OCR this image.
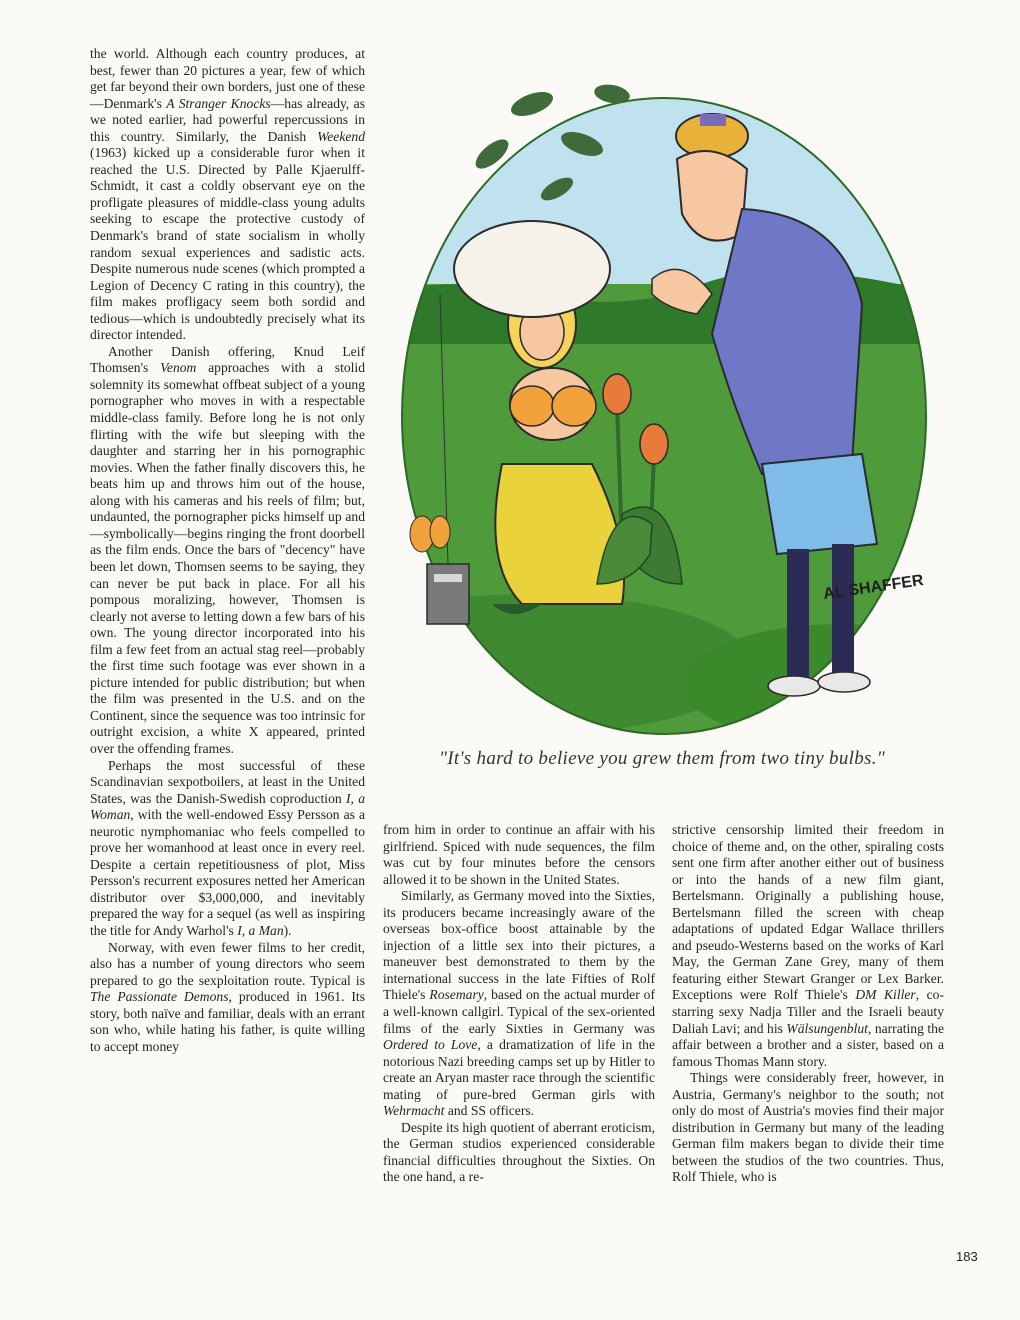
the world. Although each country produces, at best, fewer than 20 pictures a year, few of which get far beyond their own borders, just one of these—Denmark's A Stranger Knocks—has already, as we noted earlier, had powerful repercussions in this country. Similarly, the Danish Weekend (1963) kicked up a considerable furor when it reached the U.S. Directed by Palle Kjaerulff-Schmidt, it cast a coldly observant eye on the profligate pleasures of middle-class young adults seeking to escape the protective custody of Denmark's brand of state socialism in wholly random sexual experiences and sadistic acts. Despite numerous nude scenes (which prompted a Legion of Decency C rating in this country), the film makes profligacy seem both sordid and tedious—which is undoubtedly precisely what its director intended.

Another Danish offering, Knud Leif Thomsen's Venom approaches with a stolid solemnity its somewhat offbeat subject of a young pornographer who moves in with a respectable middle-class family. Before long he is not only flirting with the wife but sleeping with the daughter and starring her in his pornographic movies. When the father finally discovers this, he beats him up and throws him out of the house, along with his cameras and his reels of film; but, undaunted, the pornographer picks himself up and—symbolically—begins ringing the front doorbell as the film ends. Once the bars of "decency" have been let down, Thomsen seems to be saying, they can never be put back in place. For all his pompous moralizing, however, Thomsen is clearly not averse to letting down a few bars of his own. The young director incorporated into his film a few feet from an actual stag reel—probably the first time such footage was ever shown in a picture intended for public distribution; but when the film was presented in the U.S. and on the Continent, since the sequence was too intrinsic for outright excision, a white X appeared, printed over the offending frames.

Perhaps the most successful of these Scandinavian sexpotboilers, at least in the United States, was the Danish-Swedish coproduction I, a Woman, with the well-endowed Essy Persson as a neurotic nymphomaniac who feels compelled to prove her womanhood at least once in every reel. Despite a certain repetitiousness of plot, Miss Persson's recurrent exposures netted her American distributor over $3,000,000, and inevitably prepared the way for a sequel (as well as inspiring the title for Andy Warhol's I, a Man).

Norway, with even fewer films to her credit, also has a number of young directors who seem prepared to go the sexploitation route. Typical is The Passionate Demons, produced in 1961. Its story, both naïve and familiar, deals with an errant son who, while hating his father, is quite willing to accept money

AL SHAFFER
"It's hard to believe you grew them from two tiny bulbs."

from him in order to continue an affair with his girlfriend. Spiced with nude sequences, the film was cut by four minutes before the censors allowed it to be shown in the United States.

Similarly, as Germany moved into the Sixties, its producers became increasingly aware of the overseas box-office boost attainable by the injection of a little sex into their pictures, a maneuver best demonstrated to them by the international success in the late Fifties of Rolf Thiele's Rosemary, based on the actual murder of a well-known callgirl. Typical of the sex-oriented films of the early Sixties in Germany was Ordered to Love, a dramatization of life in the notorious Nazi breeding camps set up by Hitler to create an Aryan master race through the scientific mating of pure-bred German girls with Wehrmacht and SS officers.

Despite its high quotient of aberrant eroticism, the German studios experienced considerable financial difficulties throughout the Sixties. On the one hand, a re-

strictive censorship limited their freedom in choice of theme and, on the other, spiraling costs sent one firm after another either out of business or into the hands of a new film giant, Bertelsmann. Originally a publishing house, Bertelsmann filled the screen with cheap adaptations of updated Edgar Wallace thrillers and pseudo-Westerns based on the works of Karl May, the German Zane Grey, many of them featuring either Stewart Granger or Lex Barker. Exceptions were Rolf Thiele's DM Killer, co-starring sexy Nadja Tiller and the Israeli beauty Daliah Lavi; and his Wälsungenblut, narrating the affair between a brother and a sister, based on a famous Thomas Mann story.

Things were considerably freer, however, in Austria, Germany's neighbor to the south; not only do most of Austria's movies find their major distribution in Germany but many of the leading German film makers began to divide their time between the studios of the two countries. Thus, Rolf Thiele, who is

183
